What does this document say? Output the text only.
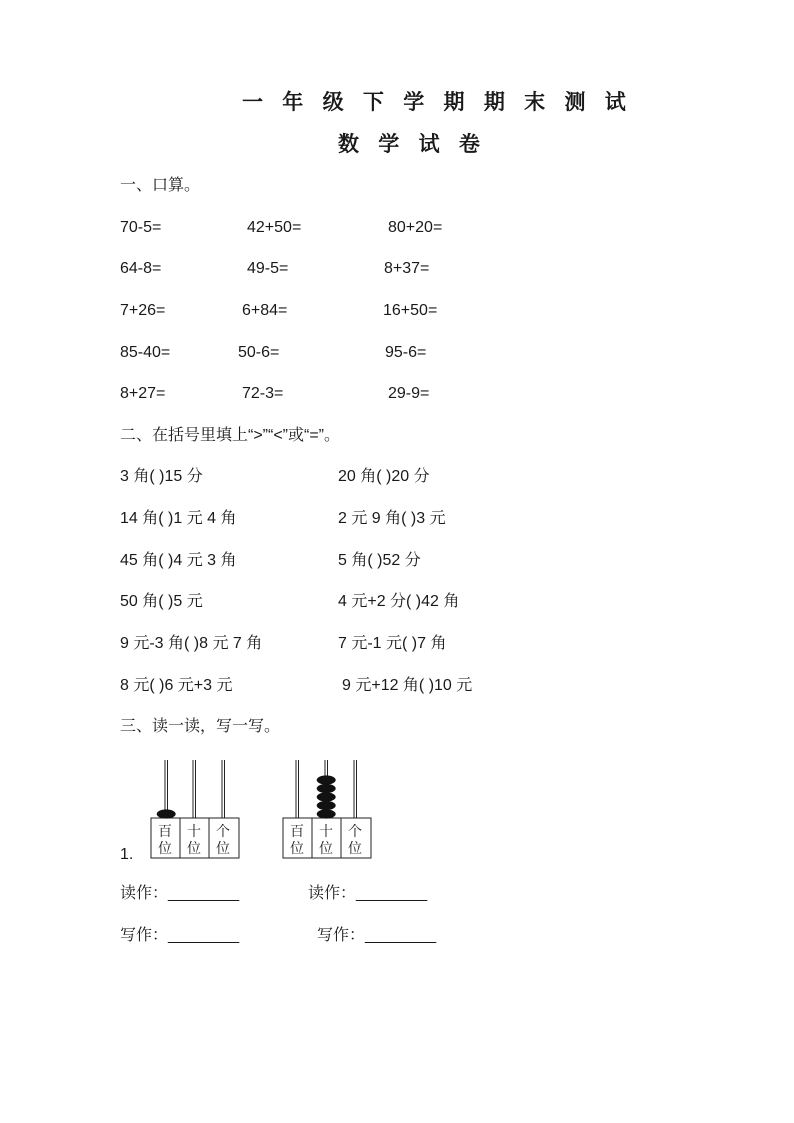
一 年 级 下 学 期 期 末 测 试
数 学 试 卷
一、口算。
70-5=	42+50=	80+20=
64-8=	49-5=	8+37=
7+26=	6+84=	16+50=
85-40=	50-6=	95-6=
8+27=	72-3=	29-9=
二、在括号里填上“>”“<”或“=”。
3 角( )15 分	20 角( )20 分
14 角( )1 元 4 角	2 元 9 角( )3 元
45 角( )4 元 3 角	5 角( )52 分
50 角( )5 元	4 元+2 分( )42 角
9 元-3 角( )8 元 7 角	7 元-1 元( )7 角
8 元( )6 元+3 元	9 元+12 角( )10 元
三、读一读，写一写。
1.
百
位
十
位
个
位
百
位
十
位
个
位
读作：________	读作：________
写作：________	写作：________
